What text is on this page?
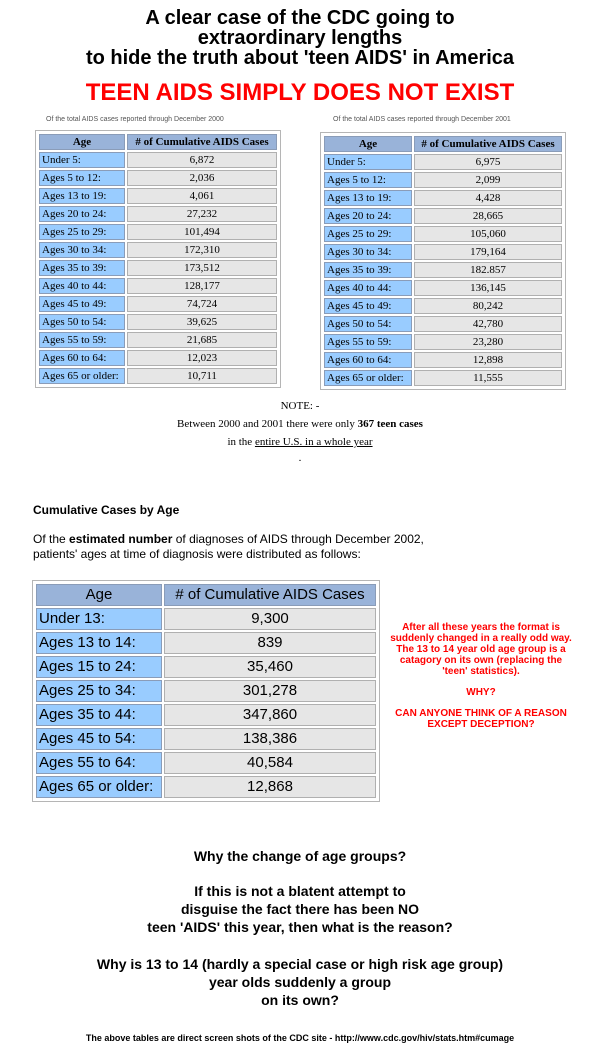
A clear case of the CDC going to
extraordinary lengths
to hide the truth about 'teen AIDS' in America
TEEN AIDS SIMPLY DOES NOT EXIST
Of the total AIDS cases reported through December 2000
Age	# of Cumulative AIDS Cases
Under 5:	6,872
Ages 5 to 12:	2,036
Ages 13 to 19:	4,061
Ages 20 to 24:	27,232
Ages 25 to 29:	101,494
Ages 30 to 34:	172,310
Ages 35 to 39:	173,512
Ages 40 to 44:	128,177
Ages 45 to 49:	74,724
Ages 50 to 54:	39,625
Ages 55 to 59:	21,685
Ages 60 to 64:	12,023
Ages 65 or older:	10,711
Of the total AIDS cases reported through December 2001
Age	# of Cumulative AIDS Cases
Under 5:	6,975
Ages 5 to 12:	2,099
Ages 13 to 19:	4,428
Ages 20 to 24:	28,665
Ages 25 to 29:	105,060
Ages 30 to 34:	179,164
Ages 35 to 39:	182.857
Ages 40 to 44:	136,145
Ages 45 to 49:	80,242
Ages 50 to 54:	42,780
Ages 55 to 59:	23,280
Ages 60 to 64:	12,898
Ages 65 or older:	11,555
NOTE: -
Between 2000 and 2001 there were only 367 teen cases
in the entire U.S. in a whole year
.
Cumulative Cases by Age
Of the estimated number of diagnoses of AIDS through December 2002, patients' ages at time of diagnosis were distributed as follows:
Age	# of Cumulative AIDS Cases
Under 13:	9,300
Ages 13 to 14:	839
Ages 15 to 24:	35,460
Ages 25 to 34:	301,278
Ages 35 to 44:	347,860
Ages 45 to 54:	138,386
Ages 55 to 64:	40,584
Ages 65 or older:	12,868

After all these years the format is suddenly changed in a really odd way. The 13 to 14 year old age group is a catagory on its own (replacing the 'teen' statistics).

WHY?

CAN ANYONE THINK OF A REASON EXCEPT DECEPTION?

Why the change of age groups?
If this is not a blatent attempt to
disguise the fact there has been NO
teen 'AIDS' this year, then what is the reason?
Why is 13 to 14 (hardly a special case or high risk age group)
year olds suddenly a group
on its own?
The above tables are direct screen shots of the CDC site - http://www.cdc.gov/hiv/stats.htm#cumage
